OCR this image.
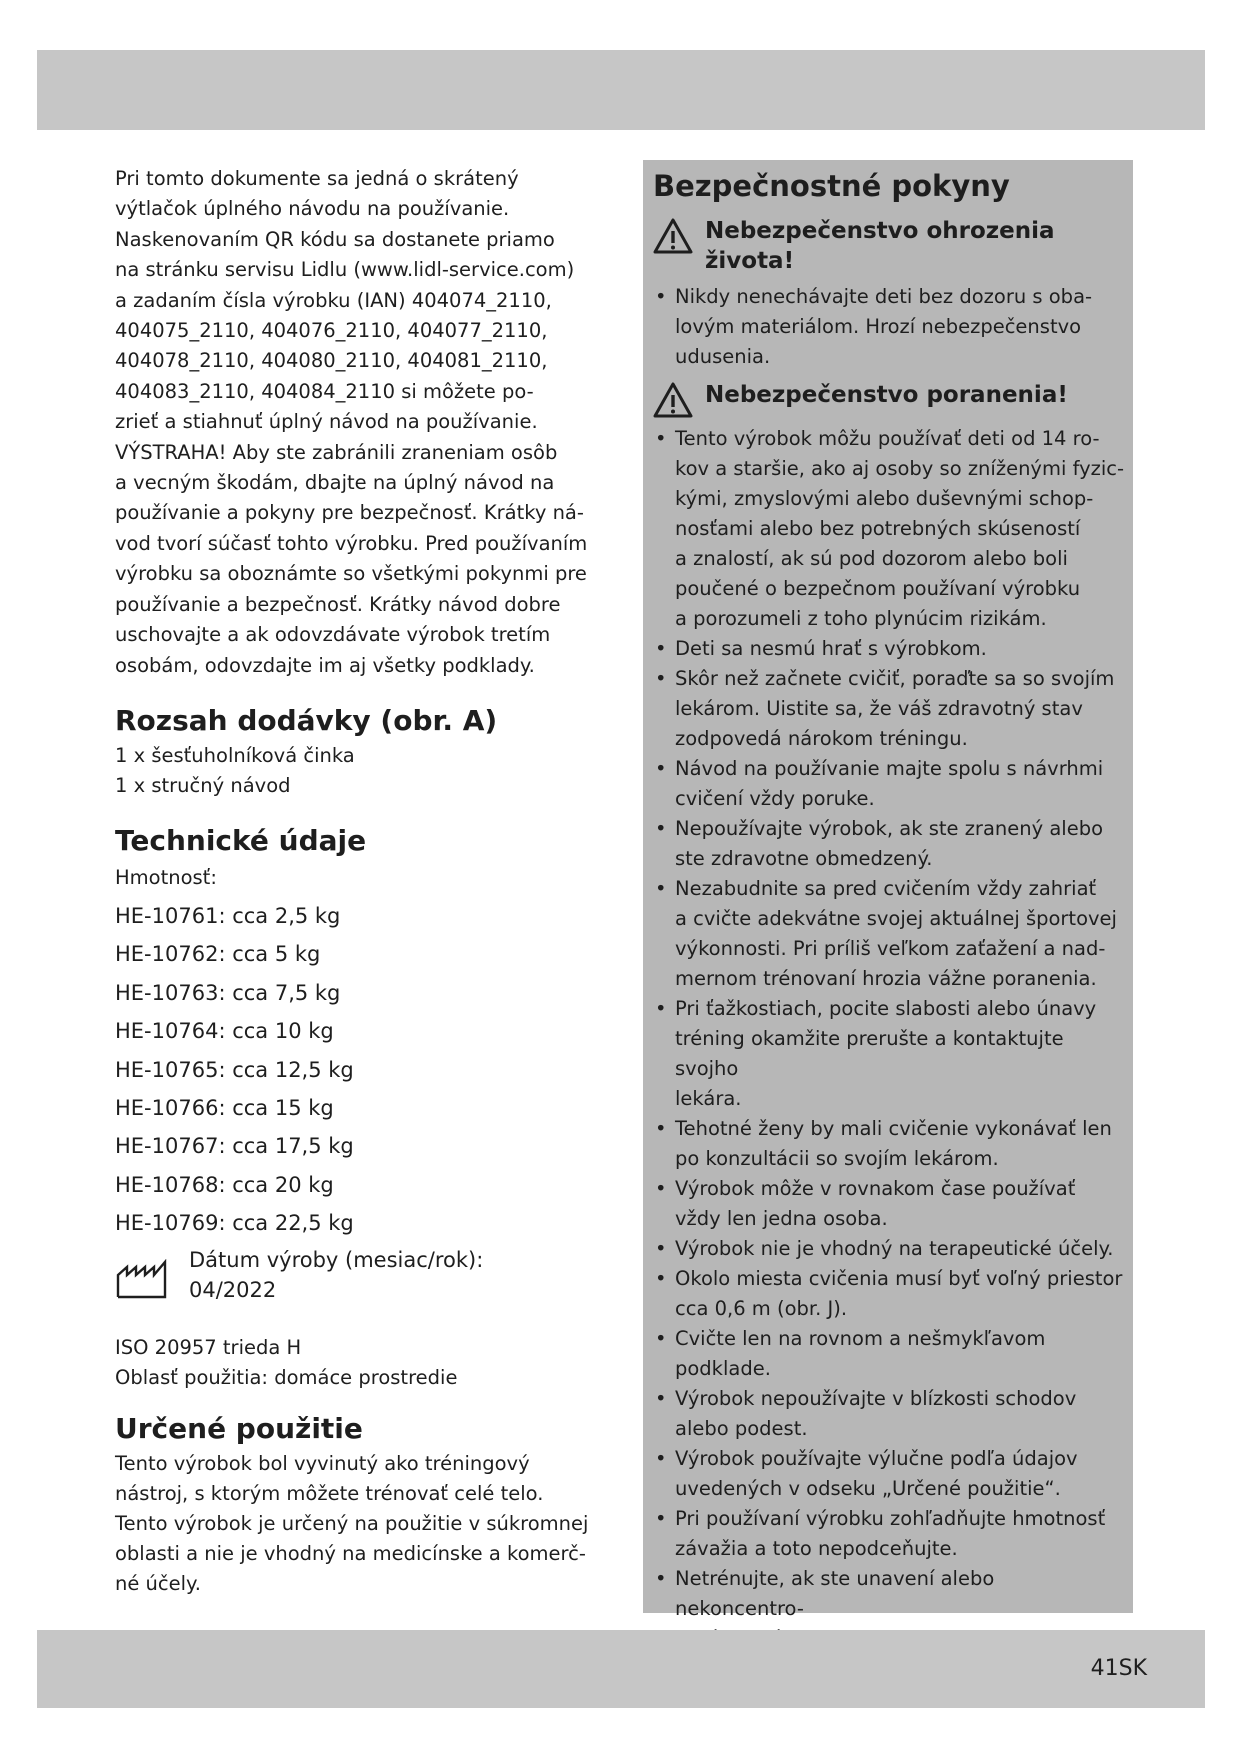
Pri tomto dokumente sa jedná o skrátený
výtlačok úplného návodu na používanie.
Naskenovaním QR kódu sa dostanete priamo
na stránku servisu Lidlu (www.lidl-service.com)
a zadaním čísla výrobku (IAN) 404074_2110,
404075_2110, 404076_2110, 404077_2110,
404078_2110, 404080_2110, 404081_2110,
404083_2110, 404084_2110 si môžete po-
zrieť a stiahnuť úplný návod na používanie.
VÝSTRAHA! Aby ste zabránili zraneniam osôb
a vecným škodám, dbajte na úplný návod na
používanie a pokyny pre bezpečnosť. Krátky ná-
vod tvorí súčasť tohto výrobku. Pred používaním
výrobku sa oboznámte so všetkými pokynmi pre
používanie a bezpečnosť. Krátky návod dobre
uschovajte a ak odovzdávate výrobok tretím
osobám, odovzdajte im aj všetky podklady.
Rozsah dodávky (obr. A)
1 x šesťuholníková činka
1 x stručný návod
Technické údaje
Hmotnosť:
HE-10761: cca 2,5 kg
HE-10762: cca 5 kg
HE-10763: cca 7,5 kg
HE-10764: cca 10 kg
HE-10765: cca 12,5 kg
HE-10766: cca 15 kg
HE-10767: cca 17,5 kg
HE-10768: cca 20 kg
HE-10769: cca 22,5 kg
Dátum výroby (mesiac/rok):
04/2022
ISO 20957 trieda H
Oblasť použitia: domáce prostredie
Určené použitie
Tento výrobok bol vyvinutý ako tréningový
nástroj, s ktorým môžete trénovať celé telo.
Tento výrobok je určený na použitie v súkromnej
oblasti a nie je vhodný na medicínske a komerč-
né účely.
Bezpečnostné pokyny
Nebezpečenstvo ohrozenia
života!
• Nikdy nenechávajte deti bez dozoru s oba-
lovým materiálom. Hrozí nebezpečenstvo
udusenia.
Nebezpečenstvo poranenia!
• Tento výrobok môžu používať deti od 14 ro-
kov a staršie, ako aj osoby so zníženými fyzic-
kými, zmyslovými alebo duševnými schop-
nosťami alebo bez potrebných skúseností
a znalostí, ak sú pod dozorom alebo boli
poučené o bezpečnom používaní výrobku
a porozumeli z toho plynúcim rizikám.
• Deti sa nesmú hrať s výrobkom.
• Skôr než začnete cvičiť, poraďte sa so svojím
lekárom. Uistite sa, že váš zdravotný stav
zodpovedá nárokom tréningu.
• Návod na používanie majte spolu s návrhmi
cvičení vždy poruke.
• Nepoužívajte výrobok, ak ste zranený alebo
ste zdravotne obmedzený.
• Nezabudnite sa pred cvičením vždy zahriať
a cvičte adekvátne svojej aktuálnej športovej
výkonnosti. Pri príliš veľkom zaťažení a nad-
mernom trénovaní hrozia vážne poranenia.
• Pri ťažkostiach, pocite slabosti alebo únavy
tréning okamžite prerušte a kontaktujte svojho
lekára.
• Tehotné ženy by mali cvičenie vykonávať len
po konzultácii so svojím lekárom.
• Výrobok môže v rovnakom čase používať
vždy len jedna osoba.
• Výrobok nie je vhodný na terapeutické účely.
• Okolo miesta cvičenia musí byť voľný priestor
cca 0,6 m (obr. J).
• Cvičte len na rovnom a nešmykľavom podklade.
• Výrobok nepoužívajte v blízkosti schodov
alebo podest.
• Výrobok používajte výlučne podľa údajov
uvedených v odseku „Určené použitie“.
• Pri používaní výrobku zohľadňujte hmotnosť
závažia a toto nepodceňujte.
• Netrénujte, ak ste unavení alebo nekoncentro-
41SK
